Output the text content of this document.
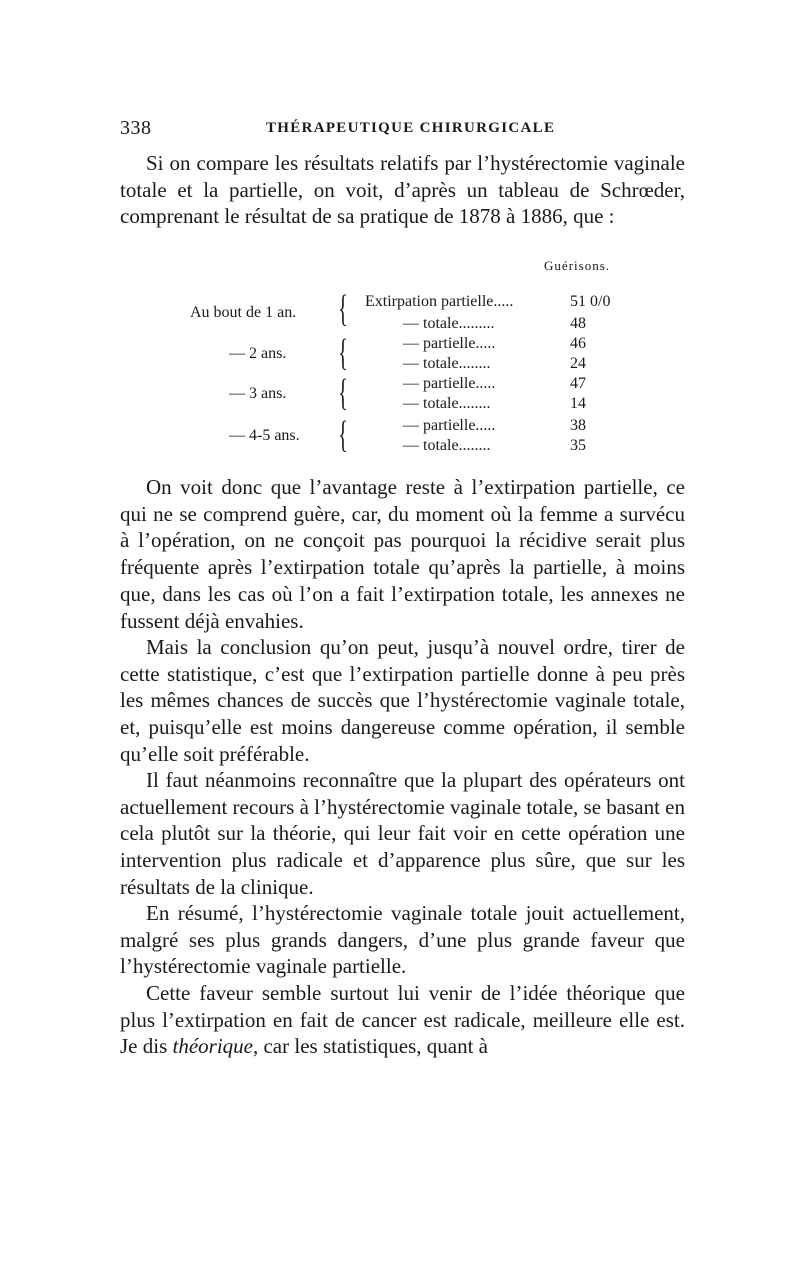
338	THÉRAPEUTIQUE CHIRURGICALE

Si on compare les résultats relatifs par l’hystérectomie vaginale totale et la partielle, on voit, d’après un tableau de Schrœder, comprenant le résultat de sa pratique de 1878 à 1886, que :

Guérisons.
Au bout de 1 an. { Extirpation partielle.....	51 0/0
— totale.........	48
— 2 ans. {	— partielle.....	46
— totale........	24
— 3 ans. {	— partielle.....	47
— totale........	14
— 4-5 ans. {	— partielle.....	38
— totale........	35

On voit donc que l’avantage reste à l’extirpation partielle, ce qui ne se comprend guère, car, du moment où la femme a survécu à l’opération, on ne conçoit pas pourquoi la récidive serait plus fréquente après l’extirpation totale qu’après la partielle, à moins que, dans les cas où l’on a fait l’extirpation totale, les annexes ne fussent déjà envahies.

Mais la conclusion qu’on peut, jusqu’à nouvel ordre, tirer de cette statistique, c’est que l’extirpation partielle donne à peu près les mêmes chances de succès que l’hystérectomie vaginale totale, et, puisqu’elle est moins dangereuse comme opération, il semble qu’elle soit préférable.

Il faut néanmoins reconnaître que la plupart des opérateurs ont actuellement recours à l’hystérectomie vaginale totale, se basant en cela plutôt sur la théorie, qui leur fait voir en cette opération une intervention plus radicale et d’apparence plus sûre, que sur les résultats de la clinique.

En résumé, l’hystérectomie vaginale totale jouit actuellement, malgré ses plus grands dangers, d’une plus grande faveur que l’hystérectomie vaginale partielle.

Cette faveur semble surtout lui venir de l’idée théorique que plus l’extirpation en fait de cancer est radicale, meilleure elle est. Je dis théorique, car les statistiques, quant à
